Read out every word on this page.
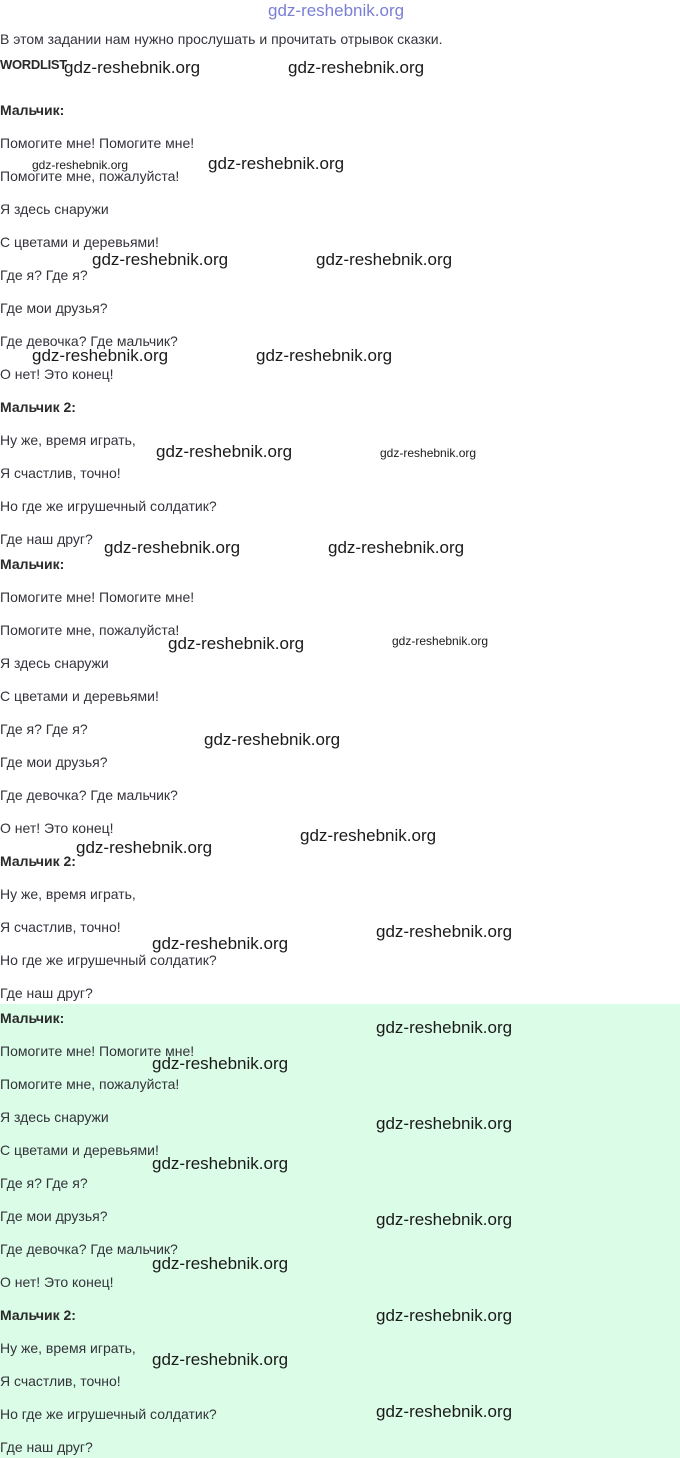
gdz-reshebnik.org
В этом задании нам нужно прослушать и прочитать отрывок сказки.
WORDLIST
Мальчик:
Помогите мне! Помогите мне!
Помогите мне, пожалуйста!
Я здесь снаружи
С цветами и деревьями!
Где я? Где я?
Где мои друзья?
Где девочка? Где мальчик?
О нет! Это конец!
Мальчик 2:
Ну же, время играть,
Я счастлив, точно!
Но где же игрушечный солдатик?
Где наш друг?
Мальчик:
Помогите мне! Помогите мне!
Помогите мне, пожалуйста!
Я здесь снаружи
С цветами и деревьями!
Где я? Где я?
Где мои друзья?
Где девочка? Где мальчик?
О нет! Это конец!
Мальчик 2:
Ну же, время играть,
Я счастлив, точно!
Но где же игрушечный солдатик?
Где наш друг?
Мальчик:
Помогите мне! Помогите мне!
Помогите мне, пожалуйста!
Я здесь снаружи
С цветами и деревьями!
Где я? Где я?
Где мои друзья?
Где девочка? Где мальчик?
О нет! Это конец!
Мальчик 2:
Ну же, время играть,
Я счастлив, точно!
Но где же игрушечный солдатик?
Где наш друг?
gdz-reshebnik.org	gdz-reshebnik.org
gdz-reshebnik.org	gdz-reshebnik.org
gdz-reshebnik.org	gdz-reshebnik.org
gdz-reshebnik.org	gdz-reshebnik.org
gdz-reshebnik.org	gdz-reshebnik.org
gdz-reshebnik.org	gdz-reshebnik.org
gdz-reshebnik.org	gdz-reshebnik.org
gdz-reshebnik.org
gdz-reshebnik.org
gdz-reshebnik.org
gdz-reshebnik.org
gdz-reshebnik.org
gdz-reshebnik.org
gdz-reshebnik.org
gdz-reshebnik.org
gdz-reshebnik.org
gdz-reshebnik.org
gdz-reshebnik.org
gdz-reshebnik.org
gdz-reshebnik.org
gdz-reshebnik.org
